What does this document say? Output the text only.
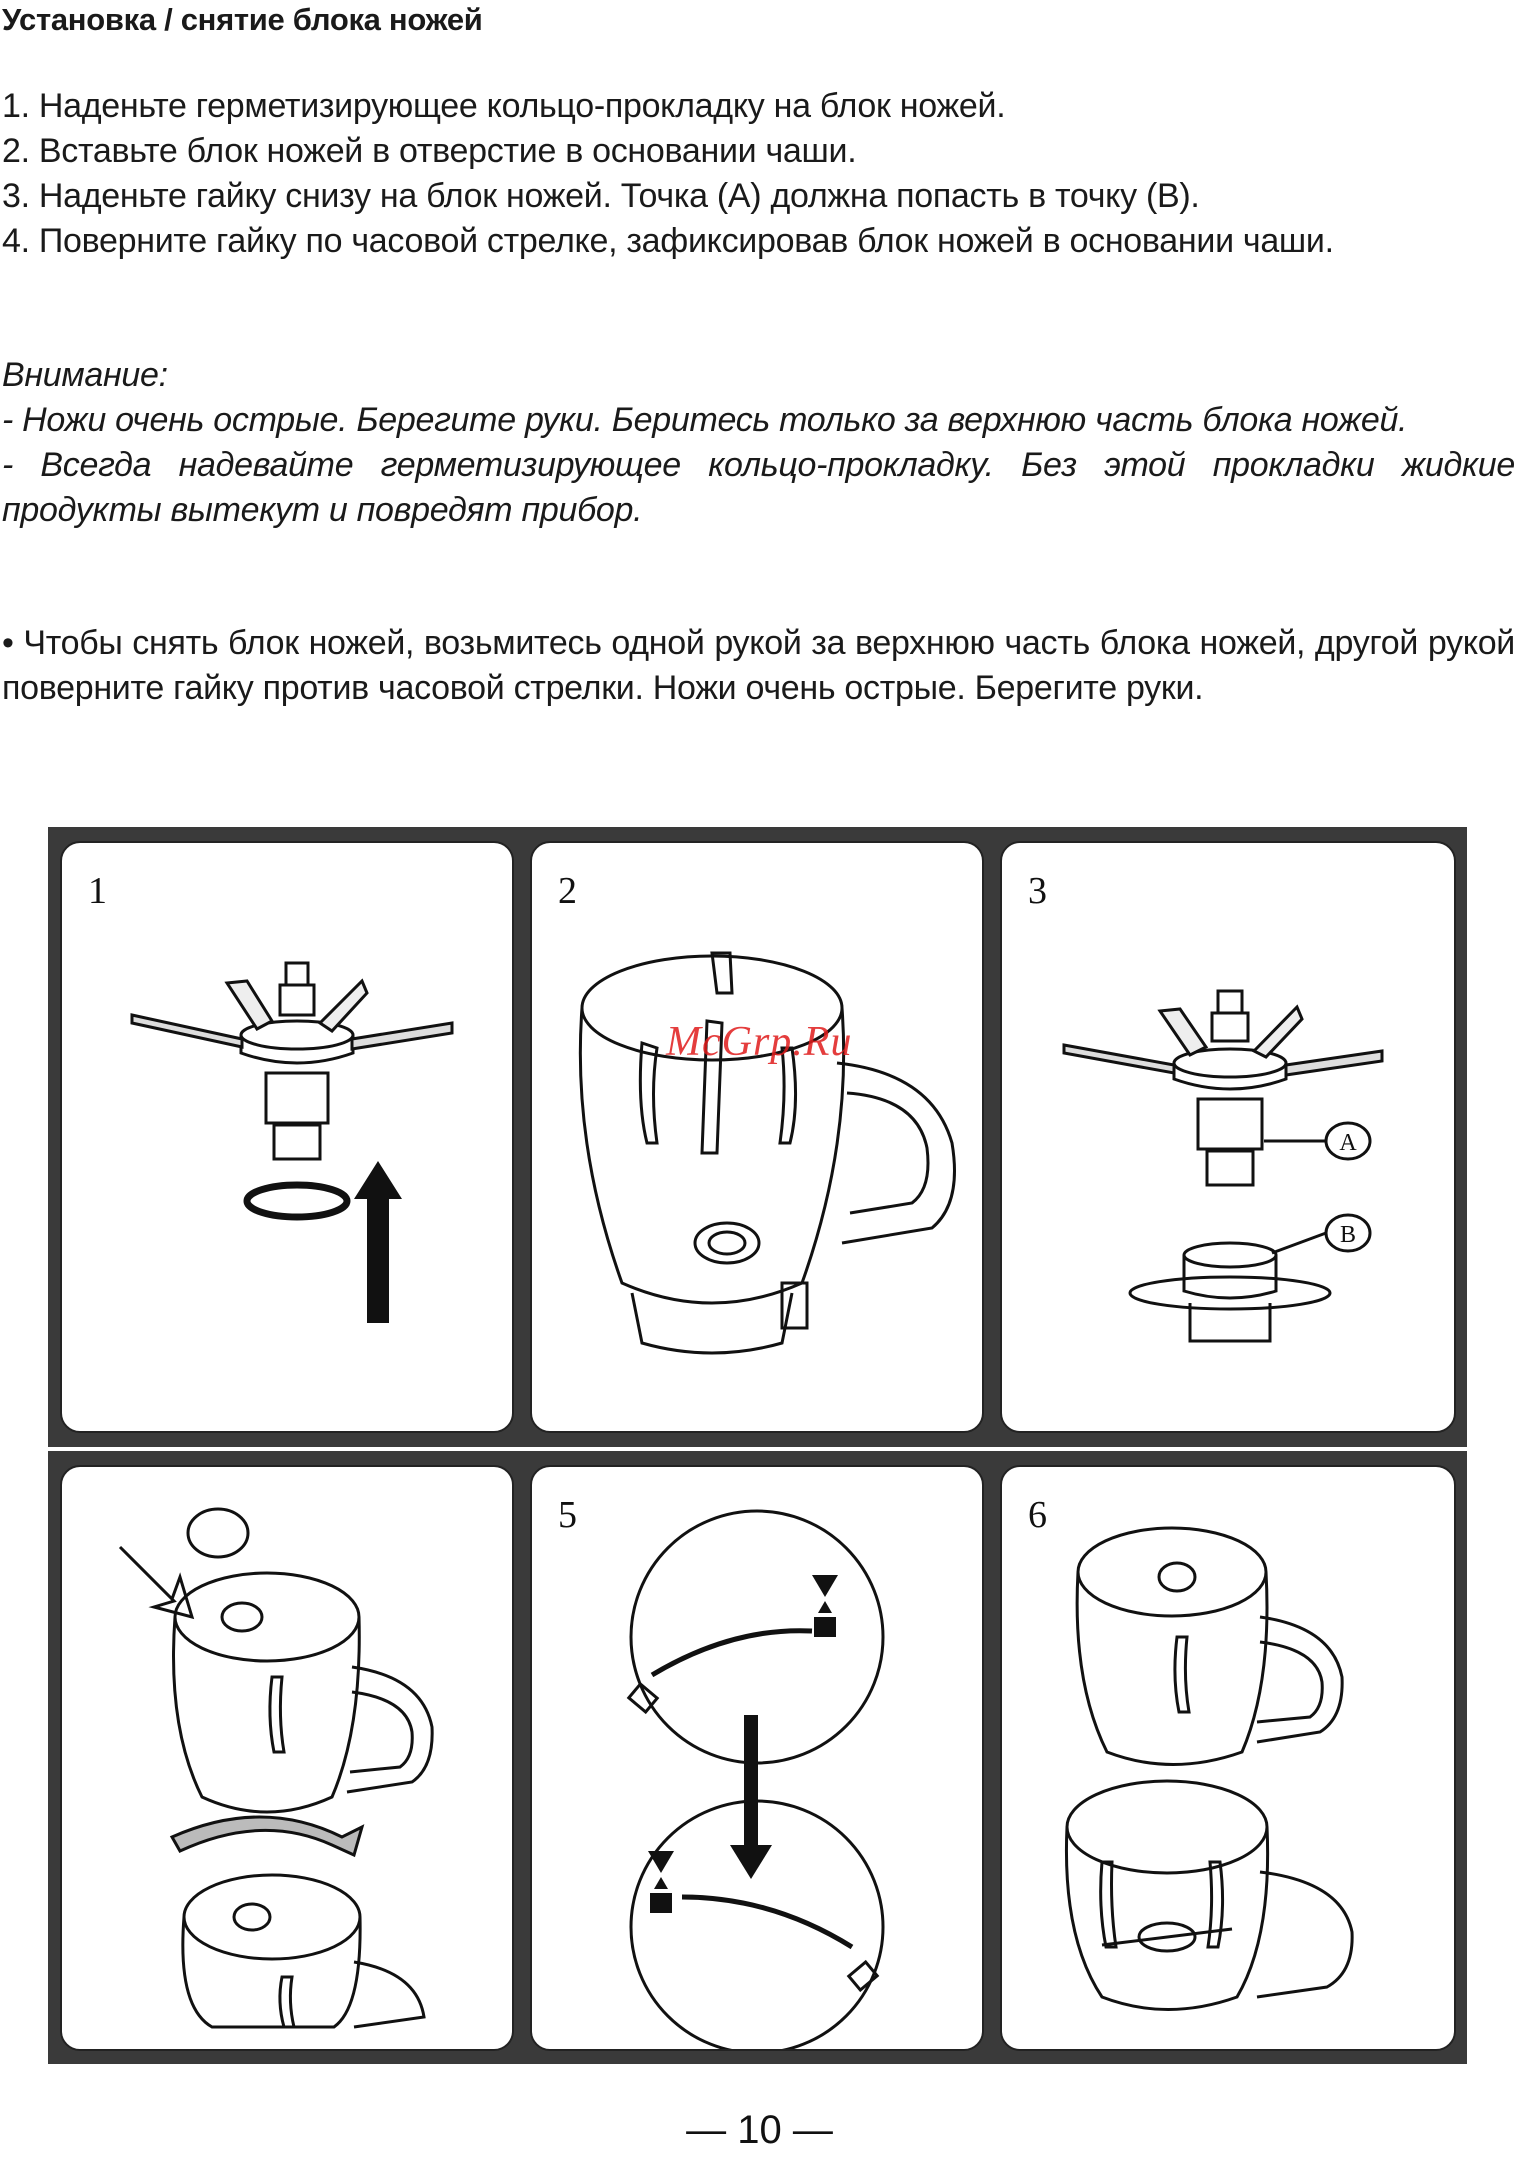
Установка / снятие блока ножей

1. Наденьте герметизирующее кольцо-прокладку на блок ножей.

2. Вставьте блок ножей в отверстие в основании чаши.

3. Наденьте гайку снизу на блок ножей. Точка (А) должна попасть в точку (В).

4. Поверните гайку по часовой стрелке, зафиксировав блок ножей в основании чаши.

Внимание:

- Ножи очень острые. Берегите руки. Беритесь только за верхнюю часть блока ножей.

- Всегда надевайте герметизирующее кольцо-прокладку. Без этой прокладки жидкие продукты вытекут и повредят прибор.

• Чтобы снять блок ножей, возьмитесь одной рукой за верхнюю часть блока ножей, другой рукой поверните гайку против часовой стрелки. Ножи очень острые. Берегите руки.
1	2	3
A
B
McGrp.Ru
5	6
— 10 —
